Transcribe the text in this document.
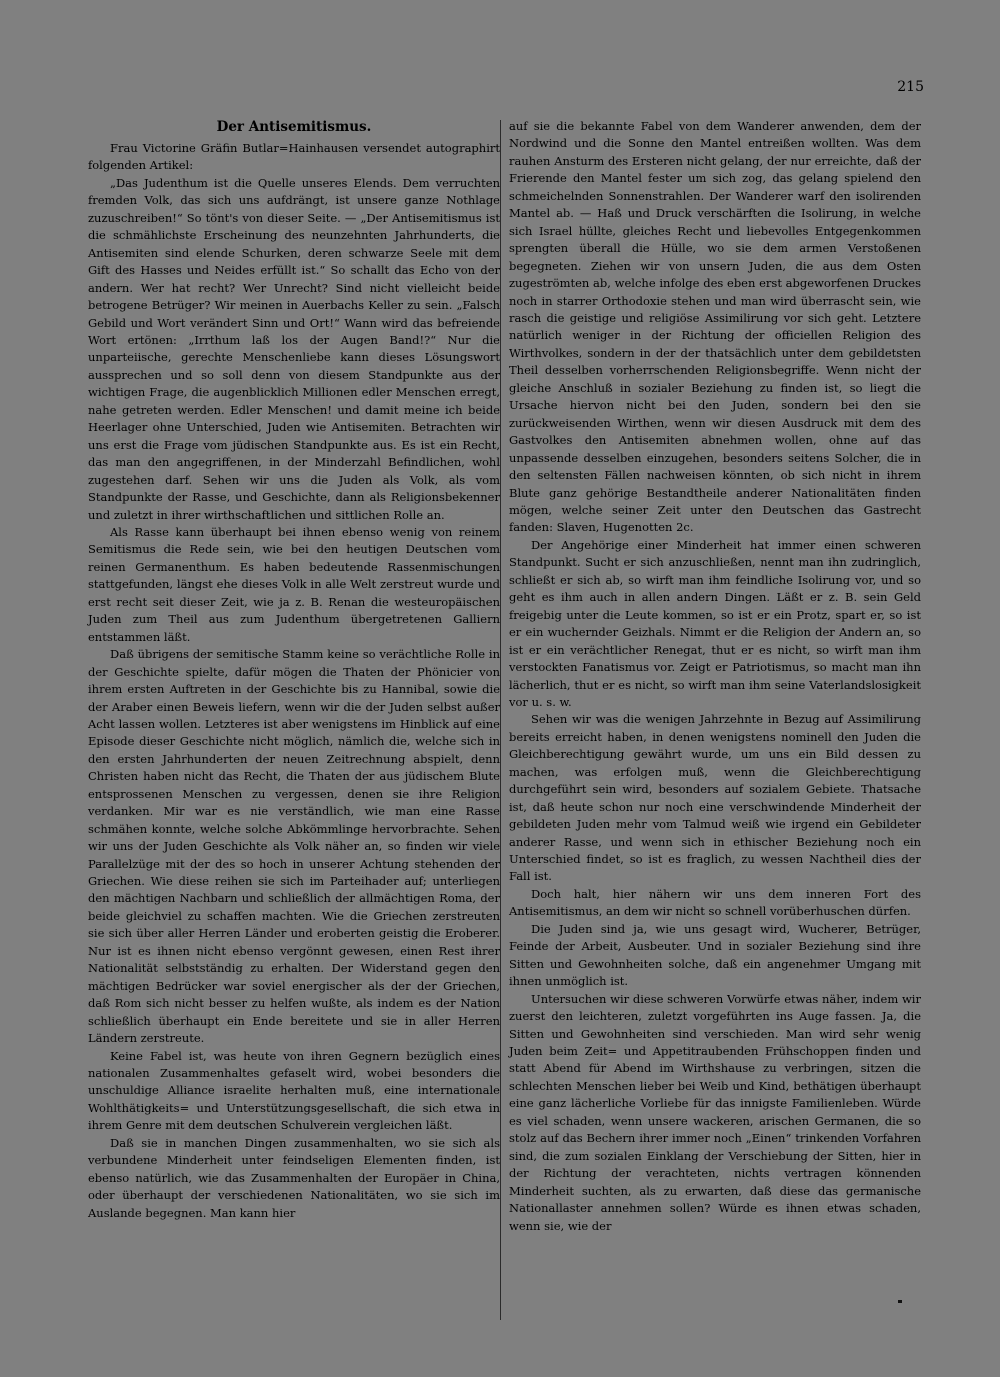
215
Der Antisemitismus.

Frau Victorine Gräfin Butlar=Hainhausen versendet autographirt folgenden Artikel:

„Das Judenthum ist die Quelle unseres Elends. Dem verruchten fremden Volk, das sich uns aufdrängt, ist unsere ganze Nothlage zuzuschreiben!“ So tönt's von dieser Seite. — „Der Antisemitismus ist die schmählichste Erscheinung des neunzehnten Jahrhunderts, die Antisemiten sind elende Schurken, deren schwarze Seele mit dem Gift des Hasses und Neides erfüllt ist.“ So schallt das Echo von der andern. Wer hat recht? Wer Unrecht? Sind nicht vielleicht beide betrogene Betrüger? Wir meinen in Auerbachs Keller zu sein. „Falsch Gebild und Wort verändert Sinn und Ort!“ Wann wird das befreiende Wort ertönen: „Irrthum laß los der Augen Band!?“ Nur die unparteiische, gerechte Menschenliebe kann dieses Lösungswort aussprechen und so soll denn von diesem Standpunkte aus der wichtigen Frage, die augenblicklich Millionen edler Menschen erregt, nahe getreten werden. Edler Menschen! und damit meine ich beide Heerlager ohne Unterschied, Juden wie Antisemiten. Betrachten wir uns erst die Frage vom jüdischen Standpunkte aus. Es ist ein Recht, das man den angegriffenen, in der Minderzahl Befindlichen, wohl zugestehen darf. Sehen wir uns die Juden als Volk, als vom Standpunkte der Rasse, und Geschichte, dann als Religionsbekenner und zuletzt in ihrer wirthschaftlichen und sittlichen Rolle an.

Als Rasse kann überhaupt bei ihnen ebenso wenig von reinem Semitismus die Rede sein, wie bei den heutigen Deutschen vom reinen Germanenthum. Es haben bedeutende Rassenmischungen stattgefunden, längst ehe dieses Volk in alle Welt zerstreut wurde und erst recht seit dieser Zeit, wie ja z. B. Renan die westeuropäischen Juden zum Theil aus zum Judenthum übergetretenen Galliern entstammen läßt.

Daß übrigens der semitische Stamm keine so verächtliche Rolle in der Geschichte spielte, dafür mögen die Thaten der Phönicier von ihrem ersten Auftreten in der Geschichte bis zu Hannibal, sowie die der Araber einen Beweis liefern, wenn wir die der Juden selbst außer Acht lassen wollen. Letzteres ist aber wenigstens im Hinblick auf eine Episode dieser Geschichte nicht möglich, nämlich die, welche sich in den ersten Jahrhunderten der neuen Zeitrechnung abspielt, denn Christen haben nicht das Recht, die Thaten der aus jüdischem Blute entsprossenen Menschen zu vergessen, denen sie ihre Religion verdanken. Mir war es nie verständlich, wie man eine Rasse schmähen konnte, welche solche Abkömmlinge hervorbrachte. Sehen wir uns der Juden Geschichte als Volk näher an, so finden wir viele Parallelzüge mit der des so hoch in unserer Achtung stehenden der Griechen. Wie diese reihen sie sich im Parteihader auf; unterliegen den mächtigen Nachbarn und schließlich der allmächtigen Roma, der beide gleichviel zu schaffen machten. Wie die Griechen zerstreuten sie sich über aller Herren Länder und eroberten geistig die Eroberer. Nur ist es ihnen nicht ebenso vergönnt gewesen, einen Rest ihrer Nationalität selbstständig zu erhalten. Der Widerstand gegen den mächtigen Bedrücker war soviel energischer als der der Griechen, daß Rom sich nicht besser zu helfen wußte, als indem es der Nation schließlich überhaupt ein Ende bereitete und sie in aller Herren Ländern zerstreute.

Keine Fabel ist, was heute von ihren Gegnern bezüglich eines nationalen Zusammenhaltes gefaselt wird, wobei besonders die unschuldige Alliance israelite herhalten muß, eine internationale Wohlthätigkeits= und Unterstützungsgesellschaft, die sich etwa in ihrem Genre mit dem deutschen Schulverein vergleichen läßt.

Daß sie in manchen Dingen zusammenhalten, wo sie sich als verbundene Minderheit unter feindseligen Elementen finden, ist ebenso natürlich, wie das Zusammenhalten der Europäer in China, oder überhaupt der verschiedenen Nationalitäten, wo sie sich im Auslande begegnen. Man kann hier

auf sie die bekannte Fabel von dem Wanderer anwenden, dem der Nordwind und die Sonne den Mantel entreißen wollten. Was dem rauhen Ansturm des Ersteren nicht gelang, der nur erreichte, daß der Frierende den Mantel fester um sich zog, das gelang spielend den schmeichelnden Sonnenstrahlen. Der Wanderer warf den isolirenden Mantel ab. — Haß und Druck verschärften die Isolirung, in welche sich Israel hüllte, gleiches Recht und liebevolles Entgegenkommen sprengten überall die Hülle, wo sie dem armen Verstoßenen begegneten. Ziehen wir von unsern Juden, die aus dem Osten zugeströmten ab, welche infolge des eben erst abgeworfenen Druckes noch in starrer Orthodoxie stehen und man wird überrascht sein, wie rasch die geistige und religiöse Assimilirung vor sich geht. Letztere natürlich weniger in der Richtung der officiellen Religion des Wirthvolkes, sondern in der der thatsächlich unter dem gebildetsten Theil desselben vorherrschenden Religionsbegriffe. Wenn nicht der gleiche Anschluß in sozialer Beziehung zu finden ist, so liegt die Ursache hiervon nicht bei den Juden, sondern bei den sie zurückweisenden Wirthen, wenn wir diesen Ausdruck mit dem des Gastvolkes den Antisemiten abnehmen wollen, ohne auf das unpassende desselben einzugehen, besonders seitens Solcher, die in den seltensten Fällen nachweisen könnten, ob sich nicht in ihrem Blute ganz gehörige Bestandtheile anderer Nationalitäten finden mögen, welche seiner Zeit unter den Deutschen das Gastrecht fanden: Slaven, Hugenotten 2c.

Der Angehörige einer Minderheit hat immer einen schweren Standpunkt. Sucht er sich anzuschließen, nennt man ihn zudringlich, schließt er sich ab, so wirft man ihm feindliche Isolirung vor, und so geht es ihm auch in allen andern Dingen. Läßt er z. B. sein Geld freigebig unter die Leute kommen, so ist er ein Protz, spart er, so ist er ein wuchernder Geizhals. Nimmt er die Religion der Andern an, so ist er ein verächtlicher Renegat, thut er es nicht, so wirft man ihm verstockten Fanatismus vor. Zeigt er Patriotismus, so macht man ihn lächerlich, thut er es nicht, so wirft man ihm seine Vaterlandslosigkeit vor u. s. w.

Sehen wir was die wenigen Jahrzehnte in Bezug auf Assimilirung bereits erreicht haben, in denen wenigstens nominell den Juden die Gleichberechtigung gewährt wurde, um uns ein Bild dessen zu machen, was erfolgen muß, wenn die Gleichberechtigung durchgeführt sein wird, besonders auf sozialem Gebiete. Thatsache ist, daß heute schon nur noch eine verschwindende Minderheit der gebildeten Juden mehr vom Talmud weiß wie irgend ein Gebildeter anderer Rasse, und wenn sich in ethischer Beziehung noch ein Unterschied findet, so ist es fraglich, zu wessen Nachtheil dies der Fall ist.

Doch halt, hier nähern wir uns dem inneren Fort des Antisemitismus, an dem wir nicht so schnell vorüberhuschen dürfen.

Die Juden sind ja, wie uns gesagt wird, Wucherer, Betrüger, Feinde der Arbeit, Ausbeuter. Und in sozialer Beziehung sind ihre Sitten und Gewohnheiten solche, daß ein angenehmer Umgang mit ihnen unmöglich ist.

Untersuchen wir diese schweren Vorwürfe etwas näher, indem wir zuerst den leichteren, zuletzt vorgeführten ins Auge fassen. Ja, die Sitten und Gewohnheiten sind verschieden. Man wird sehr wenig Juden beim Zeit= und Appetitraubenden Frühschoppen finden und statt Abend für Abend im Wirthshause zu verbringen, sitzen die schlechten Menschen lieber bei Weib und Kind, bethätigen überhaupt eine ganz lächerliche Vorliebe für das innigste Familienleben. Würde es viel schaden, wenn unsere wackeren, arischen Germanen, die so stolz auf das Bechern ihrer immer noch „Einen“ trinkenden Vorfahren sind, die zum sozialen Einklang der Verschiebung der Sitten, hier in der Richtung der verachteten, nichts vertragen könnenden Minderheit suchten, als zu erwarten, daß diese das germanische Nationallaster annehmen sollen? Würde es ihnen etwas schaden, wenn sie, wie der
